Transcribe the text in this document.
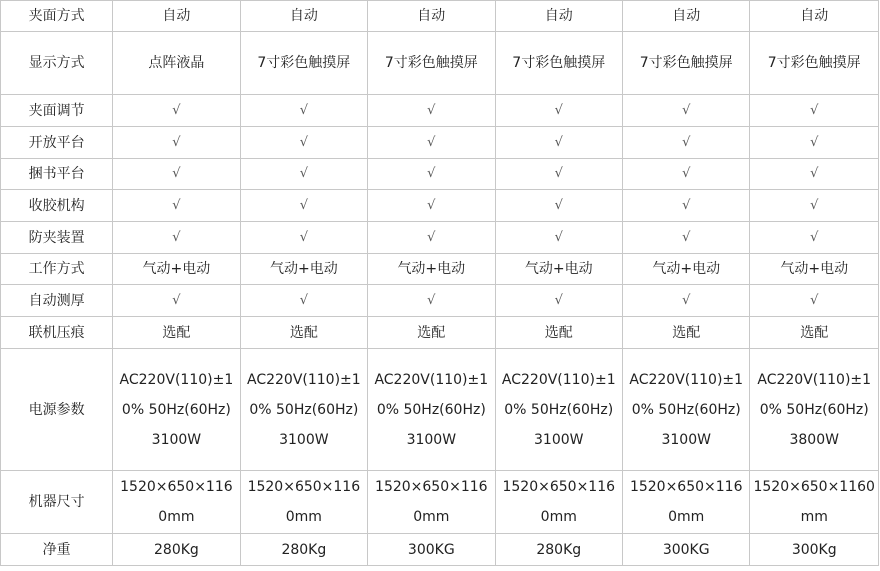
夹面方式	自动	自动	自动	自动	自动	自动
显示方式	点阵液晶	7寸彩色触摸屏	7寸彩色触摸屏	7寸彩色触摸屏	7寸彩色触摸屏	7寸彩色触摸屏
夹面调节	√	√	√	√	√	√
开放平台	√	√	√	√	√	√
捆书平台	√	√	√	√	√	√
收胶机构	√	√	√	√	√	√
防夹装置	√	√	√	√	√	√
工作方式	气动+电动	气动+电动	气动+电动	气动+电动	气动+电动	气动+电动
自动测厚	√	√	√	√	√	√
联机压痕	选配	选配	选配	选配	选配	选配
电源参数	AC220V(110)±10% 50Hz(60Hz) 3100W	AC220V(110)±10% 50Hz(60Hz) 3100W	AC220V(110)±10% 50Hz(60Hz) 3100W	AC220V(110)±10% 50Hz(60Hz) 3100W	AC220V(110)±10% 50Hz(60Hz) 3100W	AC220V(110)±10% 50Hz(60Hz) 3800W
机器尺寸	1520×650×1160mm	1520×650×1160mm	1520×650×1160mm	1520×650×1160mm	1520×650×1160mm	1520×650×1160mm
净重	280Kg	280Kg	300KG	280Kg	300KG	300Kg
